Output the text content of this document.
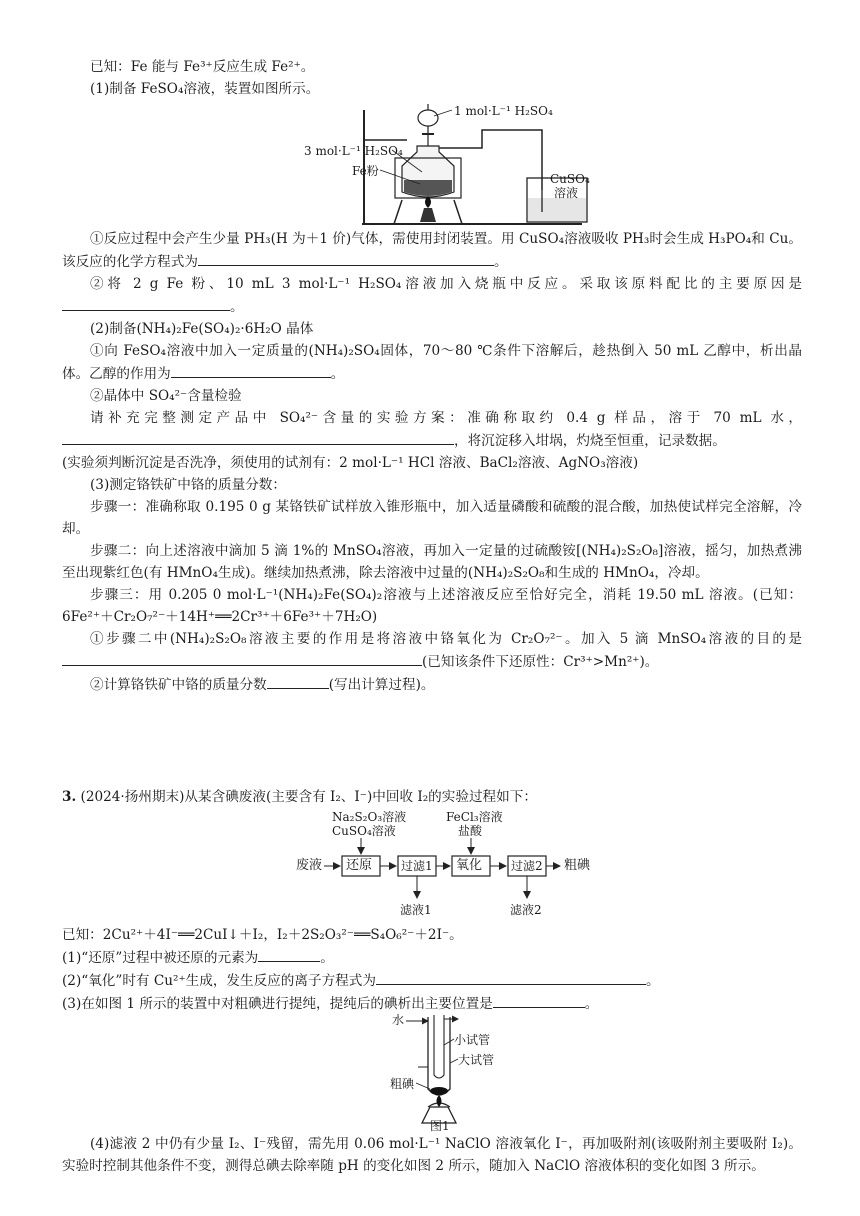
已知：Fe 能与 Fe³⁺反应生成 Fe²⁺。

(1)制备 FeSO₄溶液，装置如图所示。

1 mol·L⁻¹ H₂SO₄
3 mol·L⁻¹ H₂SO₄
Fe粉
CuSO₄
溶液

①反应过程中会产生少量 PH₃(H 为＋1 价)气体，需使用封闭装置。用 CuSO₄溶液吸收 PH₃时会生成 H₃PO₄和 Cu。该反应的化学方程式为	。

②将 2 g Fe 粉、10 mL 3 mol·L⁻¹ H₂SO₄溶液加入烧瓶中反应。采取该原料配比的主要原因是。

(2)制备(NH₄)₂Fe(SO₄)₂·6H₂O 晶体

①向 FeSO₄溶液中加入一定质量的(NH₄)₂SO₄固体，70～80 ℃条件下溶解后，趁热倒入 50 mL 乙醇中，析出晶体。乙醇的作用为	。

②晶体中 SO₄²⁻含量检验

请补充完整测定产品中 SO₄²⁻含量的实验方案：准确称取约 0.4 g 样品，溶于 70 mL 水，，将沉淀移入坩埚，灼烧至恒重，记录数据。

(实验须判断沉淀是否洗净，须使用的试剂有：2 mol·L⁻¹ HCl 溶液、BaCl₂溶液、AgNO₃溶液)

(3)测定铬铁矿中铬的质量分数：

步骤一：准确称取 0.195 0 g 某铬铁矿试样放入锥形瓶中，加入适量磷酸和硫酸的混合酸，加热使试样完全溶解，冷却。

步骤二：向上述溶液中滴加 5 滴 1%的 MnSO₄溶液，再加入一定量的过硫酸铵[(NH₄)₂S₂O₈]溶液，摇匀，加热煮沸至出现紫红色(有 HMnO₄生成)。继续加热煮沸，除去溶液中过量的(NH₄)₂S₂O₈和生成的 HMnO₄，冷却。

步骤三：用 0.205 0 mol·L⁻¹(NH₄)₂Fe(SO₄)₂溶液与上述溶液反应至恰好完全，消耗 19.50 mL 溶液。(已知：6Fe²⁺＋Cr₂O₇²⁻＋14H⁺══2Cr³⁺＋6Fe³⁺＋7H₂O)

①步骤二中(NH₄)₂S₂O₈溶液主要的作用是将溶液中铬氧化为 Cr₂O₇²⁻。加入 5 滴 MnSO₄溶液的目的是(已知该条件下还原性：Cr³⁺>Mn²⁺)。

②计算铬铁矿中铬的质量分数	(写出计算过程)。

3. (2024·扬州期末)从某含碘废液(主要含有 I₂、I⁻)中回收 I₂的实验过程如下：

Na₂S₂O₃溶液
CuSO₄溶液
FeCl₃溶液
盐酸
废液 还原 过滤1 氧化 过滤2 粗碘
滤液1	滤液2

已知：2Cu²⁺＋4I⁻══2CuI↓＋I₂，I₂＋2S₂O₃²⁻══S₄O₆²⁻＋2I⁻。

(1)“还原”过程中被还原的元素为	。

(2)“氧化”时有 Cu²⁺生成，发生反应的离子方程式为	。

(3)在如图 1 所示的装置中对粗碘进行提纯，提纯后的碘析出主要位置是	。

水
小试管
大试管
粗碘
图1

(4)滤液 2 中仍有少量 I₂、I⁻残留，需先用 0.06 mol·L⁻¹ NaClO 溶液氧化 I⁻，再加吸附剂(该吸附剂主要吸附 I₂)。实验时控制其他条件不变，测得总碘去除率随 pH 的变化如图 2 所示，随加入 NaClO 溶液体积的变化如图 3 所示。
